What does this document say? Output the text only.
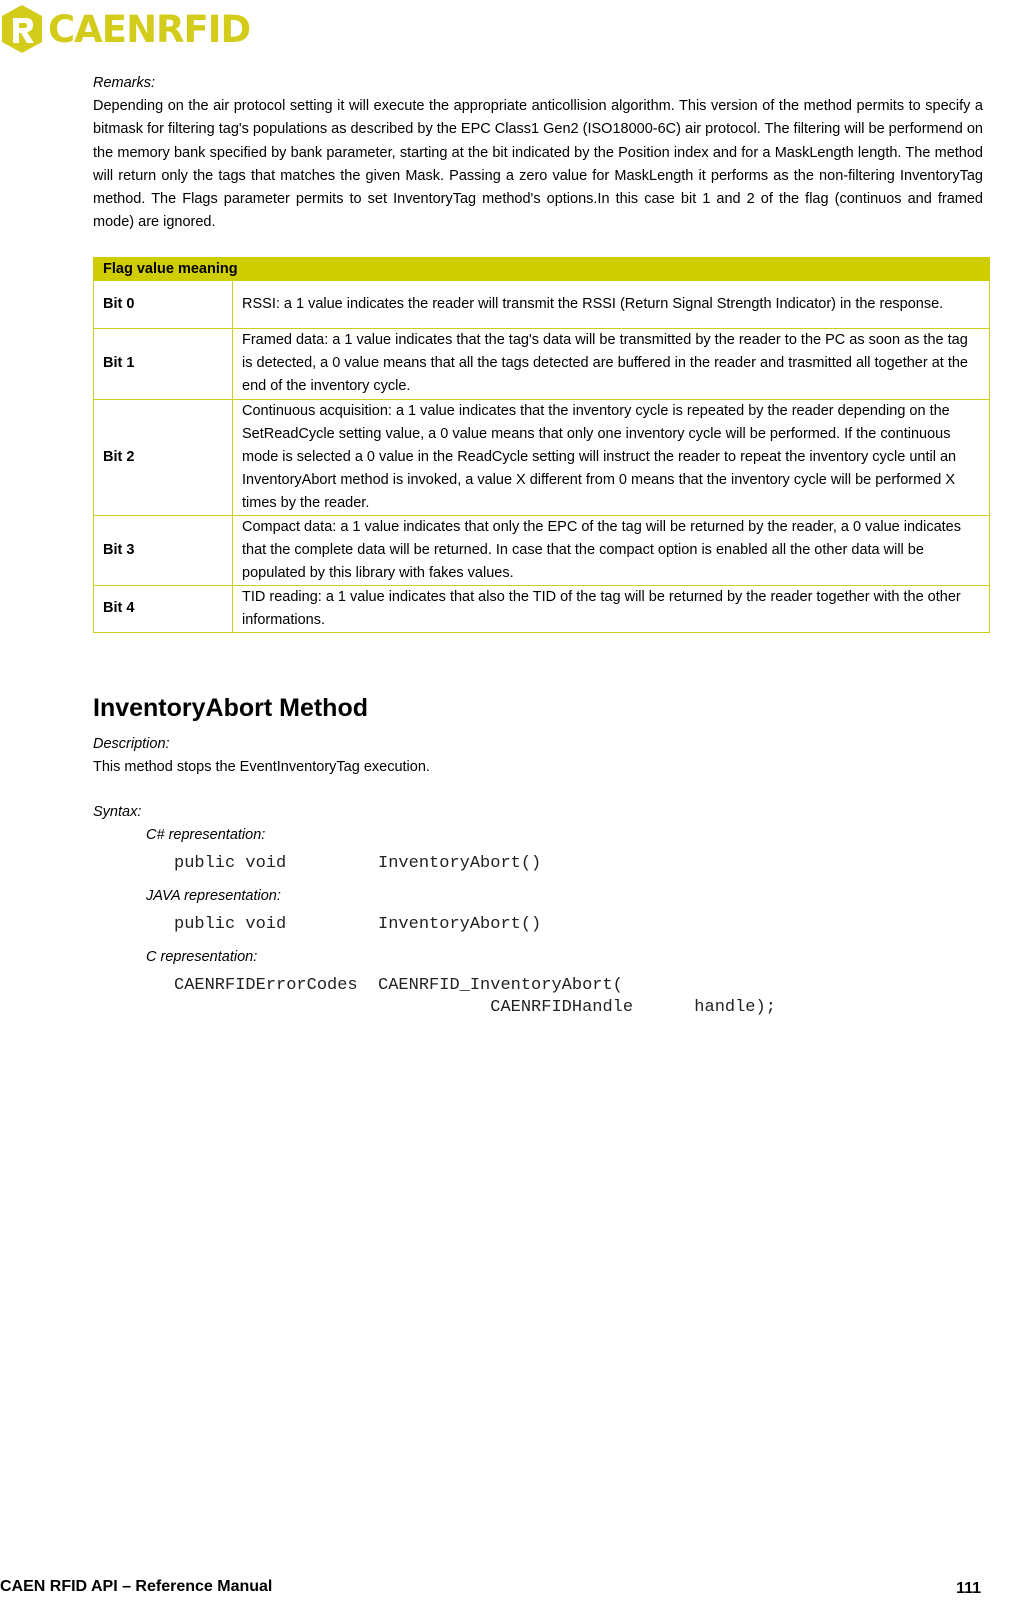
CAENRFID
Remarks:

Depending on the air protocol setting it will execute the appropriate anticollision algorithm. This version of the method permits to specify a bitmask for filtering tag's populations as described by the EPC Class1 Gen2 (ISO18000-6C) air protocol. The filtering will be performend on the memory bank specified by bank parameter, starting at the bit indicated by the Position index and for a MaskLength length. The method will return only the tags that matches the given Mask. Passing a zero value for MaskLength it performs as the non-filtering InventoryTag method. The Flags parameter permits to set InventoryTag method's options.In this case bit 1 and 2 of the flag (continuos and framed mode) are ignored.

Flag value meaning	
Bit 0	RSSI: a 1 value indicates the reader will transmit the RSSI (Return Signal Strength Indicator) in the response.
Bit 1	Framed data: a 1 value indicates that the tag's data will be transmitted by the reader to the PC as soon as the tag is detected, a 0 value means that all the tags detected are buffered in the reader and trasmitted all together at the end of the inventory cycle.
Bit 2	Continuous acquisition: a 1 value indicates that the inventory cycle is repeated by the reader depending on the SetReadCycle setting value, a 0 value means that only one inventory cycle will be performed. If the continuous mode is selected a 0 value in the ReadCycle setting will instruct the reader to repeat the inventory cycle until an InventoryAbort method is invoked, a value X different from 0 means that the inventory cycle will be performed X times by the reader.
Bit 3	Compact data: a 1 value indicates that only the EPC of the tag will be returned by the reader, a 0 value indicates that the complete data will be returned. In case that the compact option is enabled all the other data will be populated by this library with fakes values.
Bit 4	TID reading: a 1 value indicates that also the TID of the tag will be returned by the reader together with the other informations.
InventoryAbort Method
Description:
This method stops the EventInventoryTag execution.
Syntax:
C# representation:
public void         InventoryAbort()
JAVA representation:
public void         InventoryAbort()
C representation:
CAENRFIDErrorCodes  CAENRFID_InventoryAbort(
CAENRFIDHandle      handle);
CAEN RFID API – Reference Manual	111
